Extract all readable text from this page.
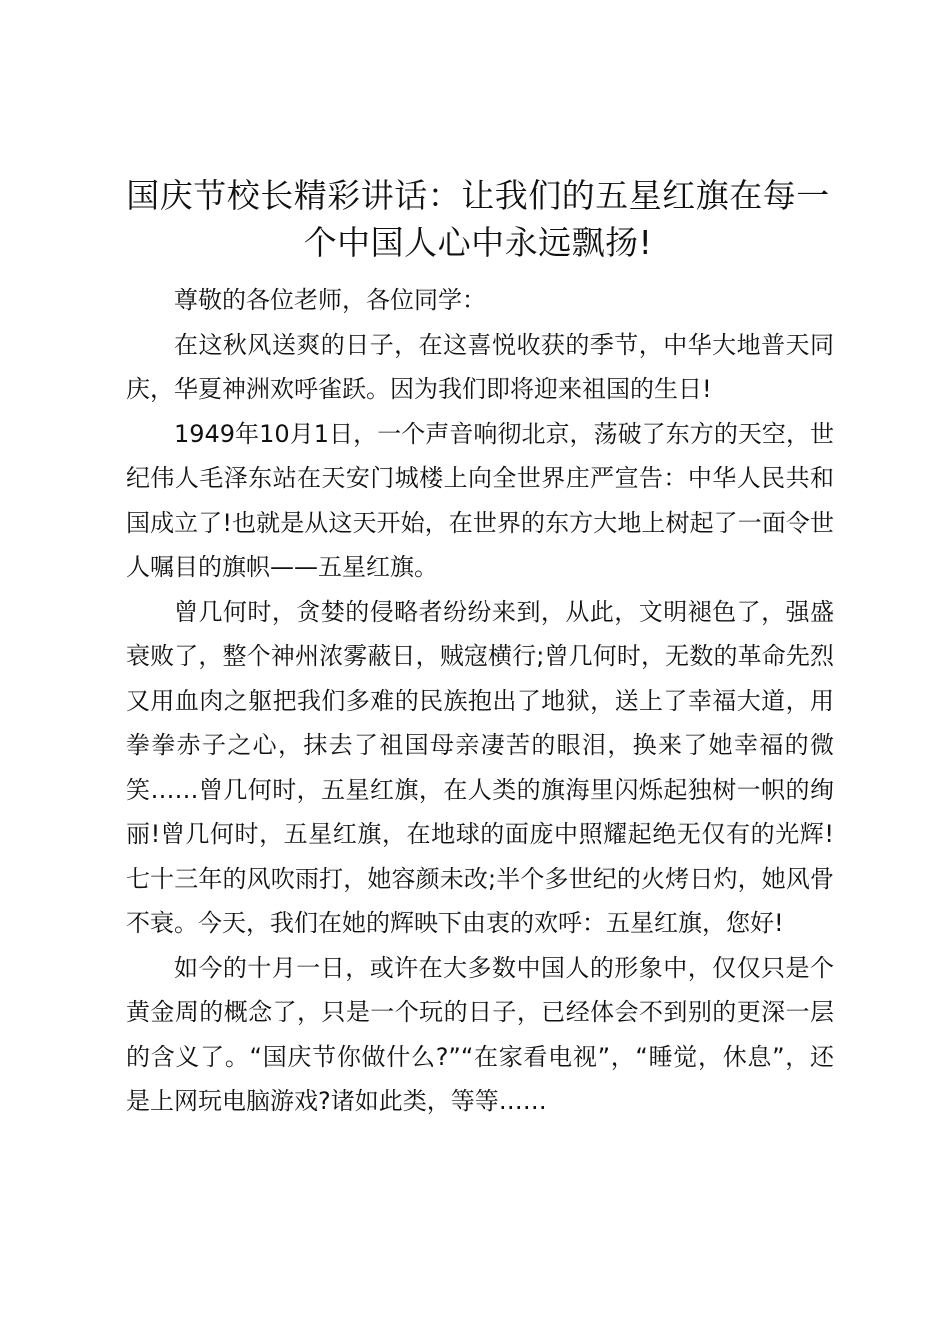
国庆节校长精彩讲话：让我们的五星红旗在每一个中国人心中永远飘扬!

尊敬的各位老师，各位同学：

在这秋风送爽的日子，在这喜悦收获的季节，中华大地普天同庆，华夏神洲欢呼雀跃。因为我们即将迎来祖国的生日!

1949年10月1日，一个声音响彻北京，荡破了东方的天空，世纪伟人毛泽东站在天安门城楼上向全世界庄严宣告：中华人民共和国成立了!也就是从这天开始，在世界的东方大地上树起了一面令世人嘱目的旗帜——五星红旗。

曾几何时，贪婪的侵略者纷纷来到，从此，文明褪色了，强盛衰败了，整个神州浓雾蔽日，贼寇横行;曾几何时，无数的革命先烈又用血肉之躯把我们多难的民族抱出了地狱，送上了幸福大道，用拳拳赤子之心，抹去了祖国母亲凄苦的眼泪，换来了她幸福的微笑……曾几何时，五星红旗，在人类的旗海里闪烁起独树一帜的绚丽!曾几何时，五星红旗，在地球的面庞中照耀起绝无仅有的光辉!七十三年的风吹雨打，她容颜未改;半个多世纪的火烤日灼，她风骨不衰。今天，我们在她的辉映下由衷的欢呼：五星红旗，您好!

如今的十月一日，或许在大多数中国人的形象中，仅仅只是个黄金周的概念了，只是一个玩的日子，已经体会不到别的更深一层的含义了。“国庆节你做什么?”“在家看电视”，“睡觉，休息”，还是上网玩电脑游戏?诸如此类，等等……
